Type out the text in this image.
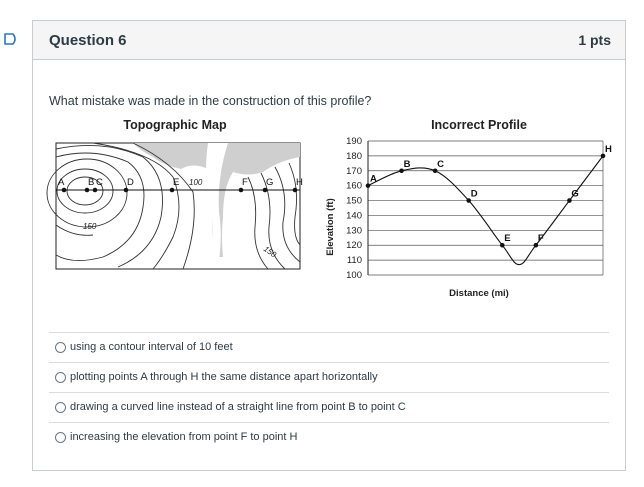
Question 6	1 pts
What mistake was made in the construction of this profile?
Topographic Map
A B C	D	E	F G H
100
150
150
Incorrect Profile
190
180
170
160
150
140
130
120
110
100
A
B	C
D
E	F
G
H
Elevation (ft)
Distance (mi)
using a contour interval of 10 feet
plotting points A through H the same distance apart horizontally
drawing a curved line instead of a straight line from point B to point C
increasing the elevation from point F to point H
